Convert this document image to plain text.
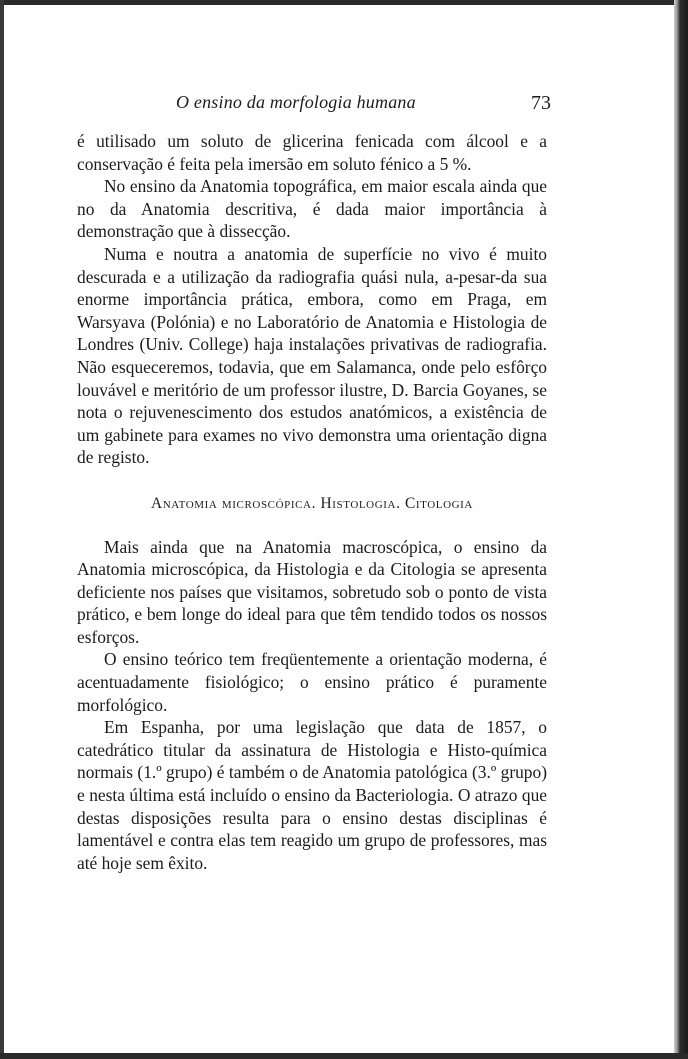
O ensino da morfologia humana	73

é utilisado um soluto de glicerina fenicada com álcool e a conservação é feita pela imersão em soluto fénico a 5 %.

No ensino da Anatomia topográfica, em maior escala ainda que no da Anatomia descritiva, é dada maior importância à demonstração que à dissecção.

Numa e noutra a anatomia de superfície no vivo é muito descurada e a utilização da radiografia quási nula, a-pesar-da sua enorme importância prática, embora, como em Praga, em Warsyava (Polónia) e no Laboratório de Anatomia e Histologia de Londres (Univ. College) haja instalações privativas de radiografia. Não esqueceremos, todavia, que em Salamanca, onde pelo esfôrço louvável e meritório de um professor ilustre, D. Barcia Goyanes, se nota o rejuvenescimento dos estudos anatómicos, a existência de um gabinete para exames no vivo demonstra uma orientação digna de registo.

Anatomia microscópica. Histologia. Citologia

Mais ainda que na Anatomia macroscópica, o ensino da Anatomia microscópica, da Histologia e da Citologia se apresenta deficiente nos países que visitamos, sobretudo sob o ponto de vista prático, e bem longe do ideal para que têm tendido todos os nossos esforços.

O ensino teórico tem freqüentemente a orientação moderna, é acentuadamente fisiológico; o ensino prático é puramente morfológico.

Em Espanha, por uma legislação que data de 1857, o catedrático titular da assinatura de Histologia e Histo-química normais (1.º grupo) é também o de Anatomia patológica (3.º grupo) e nesta última está incluído o ensino da Bacteriologia. O atrazo que destas disposições resulta para o ensino destas disciplinas é lamentável e contra elas tem reagido um grupo de professores, mas até hoje sem êxito.
